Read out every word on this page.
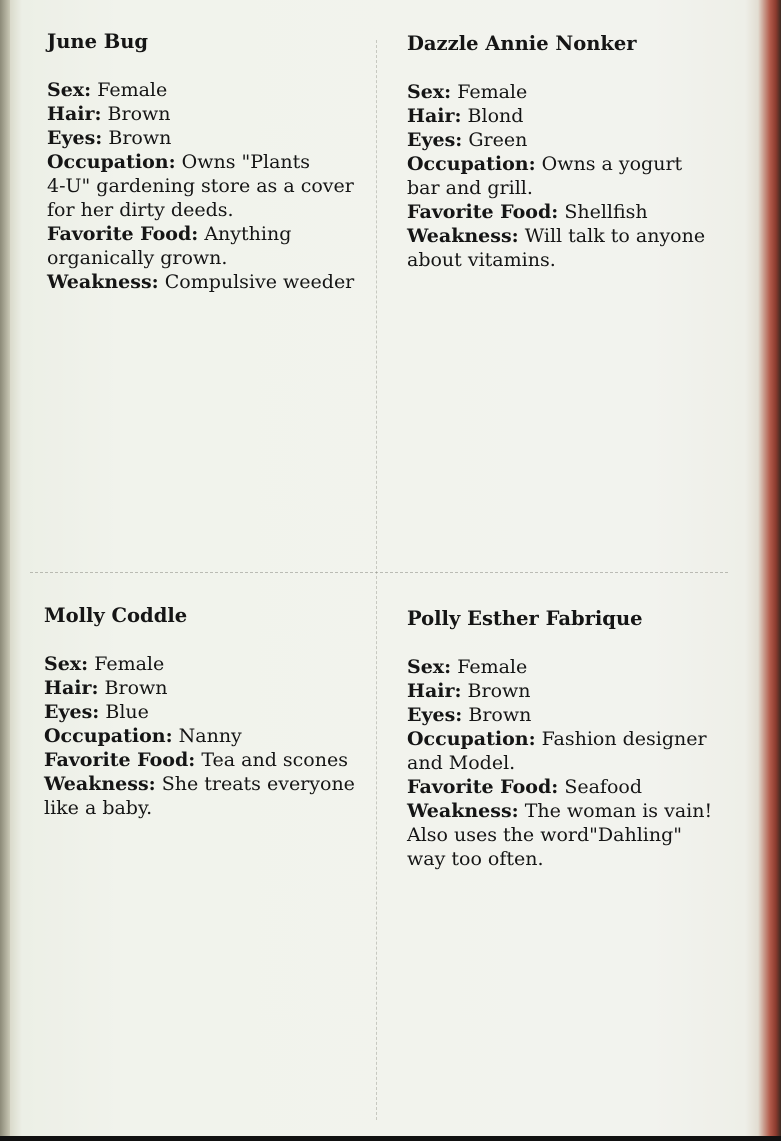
June Bug

Sex: Female

Hair: Brown

Eyes: Brown

Occupation: Owns "Plants

4-U" gardening store as a cover

for her dirty deeds.

Favorite Food: Anything

organically grown.

Weakness: Compulsive weeder

Dazzle Annie Nonker

Sex: Female

Hair: Blond

Eyes: Green

Occupation: Owns a yogurt

bar and grill.

Favorite Food: Shellfish

Weakness: Will talk to anyone

about vitamins.

Molly Coddle

Sex: Female

Hair: Brown

Eyes: Blue

Occupation: Nanny

Favorite Food: Tea and scones

Weakness: She treats everyone

like a baby.

Polly Esther Fabrique

Sex: Female

Hair: Brown

Eyes: Brown

Occupation: Fashion designer

and Model.

Favorite Food: Seafood

Weakness: The woman is vain!

Also uses the word"Dahling"

way too often.
